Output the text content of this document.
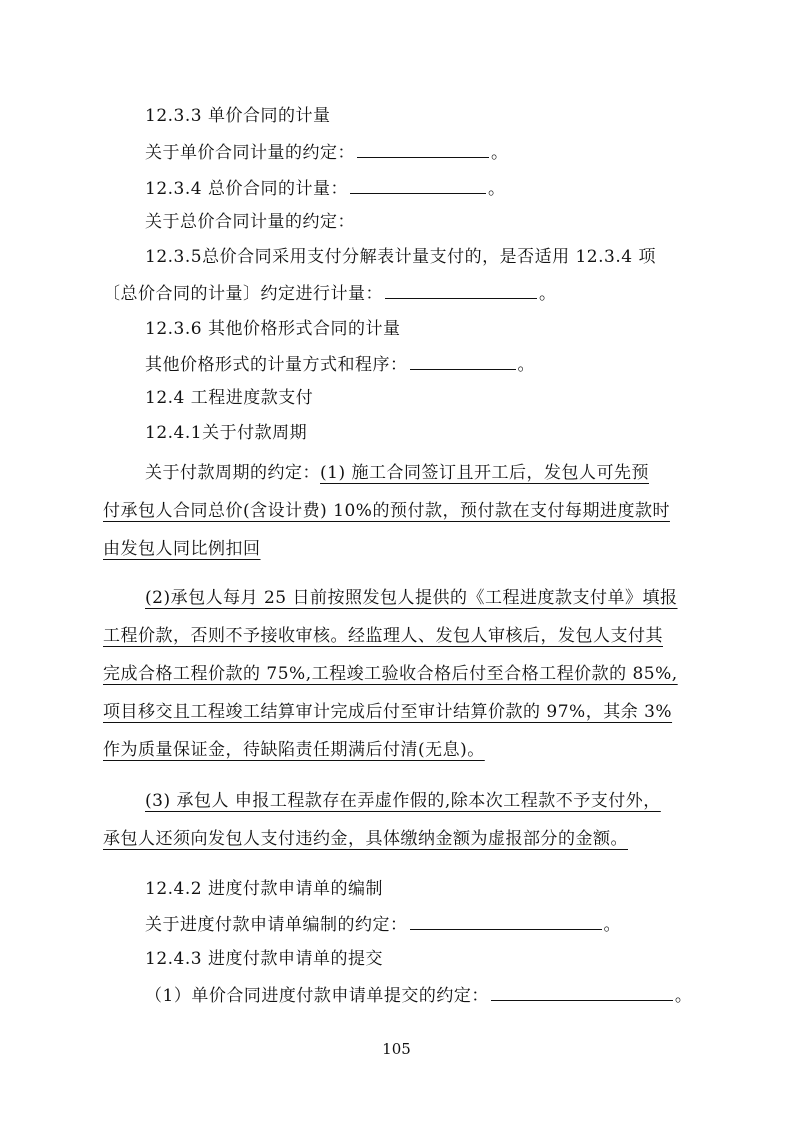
12.3.3 单价合同的计量
关于单价合同计量的约定：	。
12.3.4 总价合同的计量：	。
关于总价合同计量的约定：
12.3.5总价合同采用支付分解表计量支付的，是否适用 12.3.4 项
〔总价合同的计量〕约定进行计量：	。
12.3.6 其他价格形式合同的计量
其他价格形式的计量方式和程序：	。
12.4 工程进度款支付
12.4.1关于付款周期
关于付款周期的约定：(1) 施工合同签订且开工后，发包人可先预
付承包人合同总价(含设计费) 10%的预付款，预付款在支付每期进度款时
由发包人同比例扣回
(2)承包人每月 25 日前按照发包人提供的《工程进度款支付单》填报
工程价款，否则不予接收审核。经监理人、发包人审核后，发包人支付其
完成合格工程价款的 75%,工程竣工验收合格后付至合格工程价款的 85%,
项目移交且工程竣工结算审计完成后付至审计结算价款的 97%，其余 3%
作为质量保证金，待缺陷责任期满后付清(无息)。
(3) 承包人 申报工程款存在弄虚作假的,除本次工程款不予支付外，
承包人还须向发包人支付违约金，具体缴纳金额为虚报部分的金额。
12.4.2 进度付款申请单的编制
关于进度付款申请单编制的约定：	。
12.4.3 进度付款申请单的提交
（1）单价合同进度付款申请单提交的约定：	。
105
